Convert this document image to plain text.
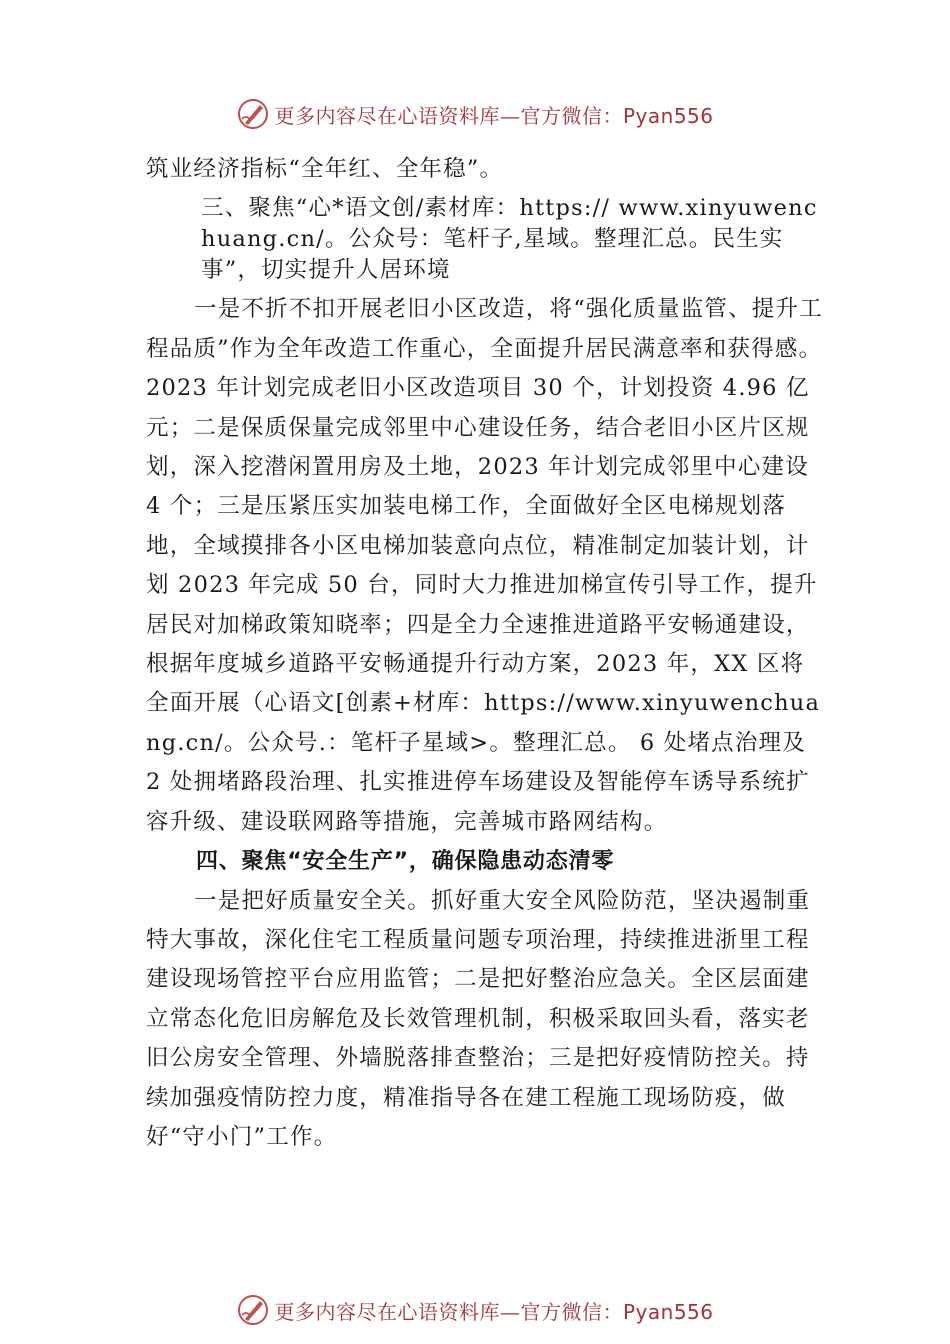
更多内容尽在心语资料库—官方微信：Pyan556

筑业经济指标“全年红、全年稳”。

三、聚焦“心*语文创/素材库：https:// www.xinyuwenchuang.cn/。公众号：笔杆子,星域。整理汇总。民生实事”，切实提升人居环境

一是不折不扣开展老旧小区改造，将“强化质量监管、提升工程品质”作为全年改造工作重心，全面提升居民满意率和获得感。2023 年计划完成老旧小区改造项目 30 个，计划投资 4.96 亿元；二是保质保量完成邻里中心建设任务，结合老旧小区片区规划，深入挖潜闲置用房及土地，2023 年计划完成邻里中心建设 4 个；三是压紧压实加装电梯工作，全面做好全区电梯规划落地，全域摸排各小区电梯加装意向点位，精准制定加装计划，计划 2023 年完成 50 台，同时大力推进加梯宣传引导工作，提升居民对加梯政策知晓率；四是全力全速推进道路平安畅通建设，根据年度城乡道路平安畅通提升行动方案，2023 年，XX 区将全面开展（心语文[创素+材库：https://www.xinyuwenchuang.cn/。公众号.：笔杆子星域>。整理汇总。 6 处堵点治理及 2 处拥堵路段治理、扎实推进停车场建设及智能停车诱导系统扩容升级、建设联网路等措施，完善城市路网结构。

四、聚焦“安全生产”，确保隐患动态清零

一是把好质量安全关。抓好重大安全风险防范，坚决遏制重特大事故，深化住宅工程质量问题专项治理，持续推进浙里工程建设现场管控平台应用监管；二是把好整治应急关。全区层面建立常态化危旧房解危及长效管理机制，积极采取回头看，落实老旧公房安全管理、外墙脱落排查整治；三是把好疫情防控关。持续加强疫情防控力度，精准指导各在建工程施工现场防疫，做好“守小门”工作。

更多内容尽在心语资料库—官方微信：Pyan556
